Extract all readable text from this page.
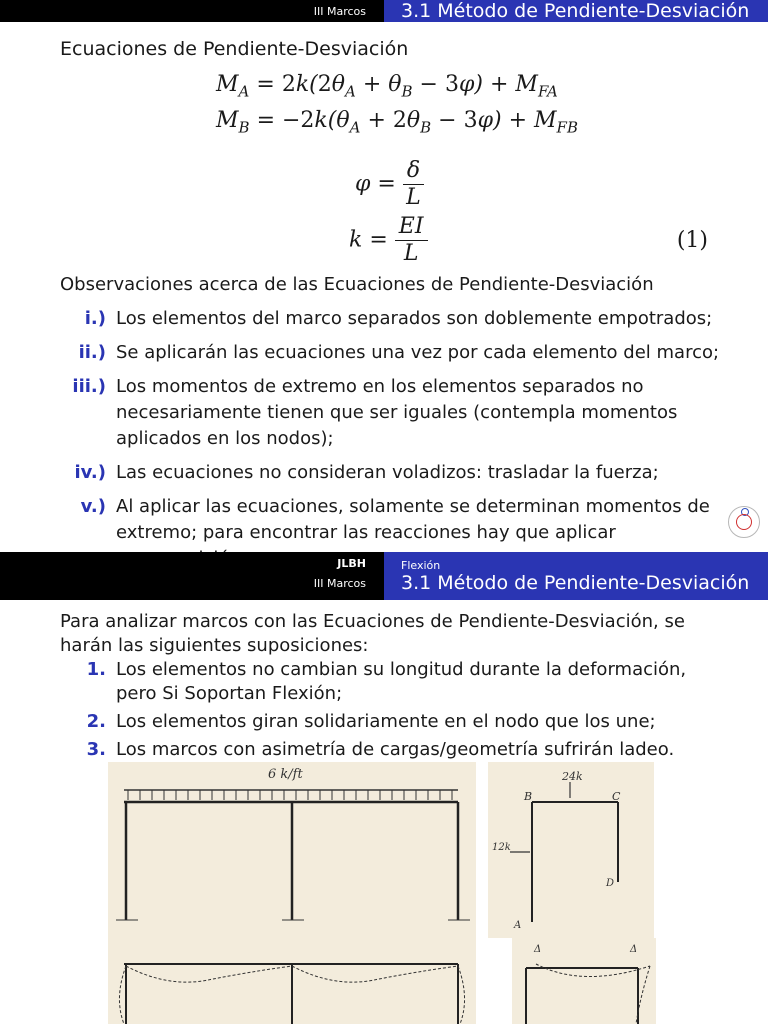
III Marcos 3.1 Método de Pendiente-Desviación
Ecuaciones de Pendiente-Desviación
$M_A = 2k(2\theta_A + \theta_B - 3\varphi) + M_{FA}$
$M_B = -2k(\theta_A + 2\theta_B - 3\varphi) + M_{FB}$
$\varphi = \frac{\delta}{L}$
$k = \frac{EI}{L}$	(1)
Observaciones acerca de las Ecuaciones de Pendiente-Desviación
i.) Los elementos del marco separados son doblemente empotrados;
ii.) Se aplicarán las ecuaciones una vez por cada elemento del marco;
iii.) Los momentos de extremo en los elementos separados no necesariamente tienen que ser iguales (contempla momentos aplicados en los nodos);
iv.) Las ecuaciones no consideran voladizos: trasladar la fuerza;
v.) Al aplicar las ecuaciones, solamente se determinan momentos de extremo; para encontrar las reacciones hay que aplicar
JLBH
III Marcos
Flexión
3.1 Método de Pendiente-Desviación
Para analizar marcos con las Ecuaciones de Pendiente-Desviación, se harán las siguientes suposiciones:
1. Los elementos no cambian su longitud durante la deformación, pero Si Soportan Flexión;
2. Los elementos giran solidariamente en el nodo que los une;
3. Los marcos con asimetría de cargas/geometría sufrirán ladeo.
6 k/ft	24k
B	C
12k
D
A
Δ	Δ
